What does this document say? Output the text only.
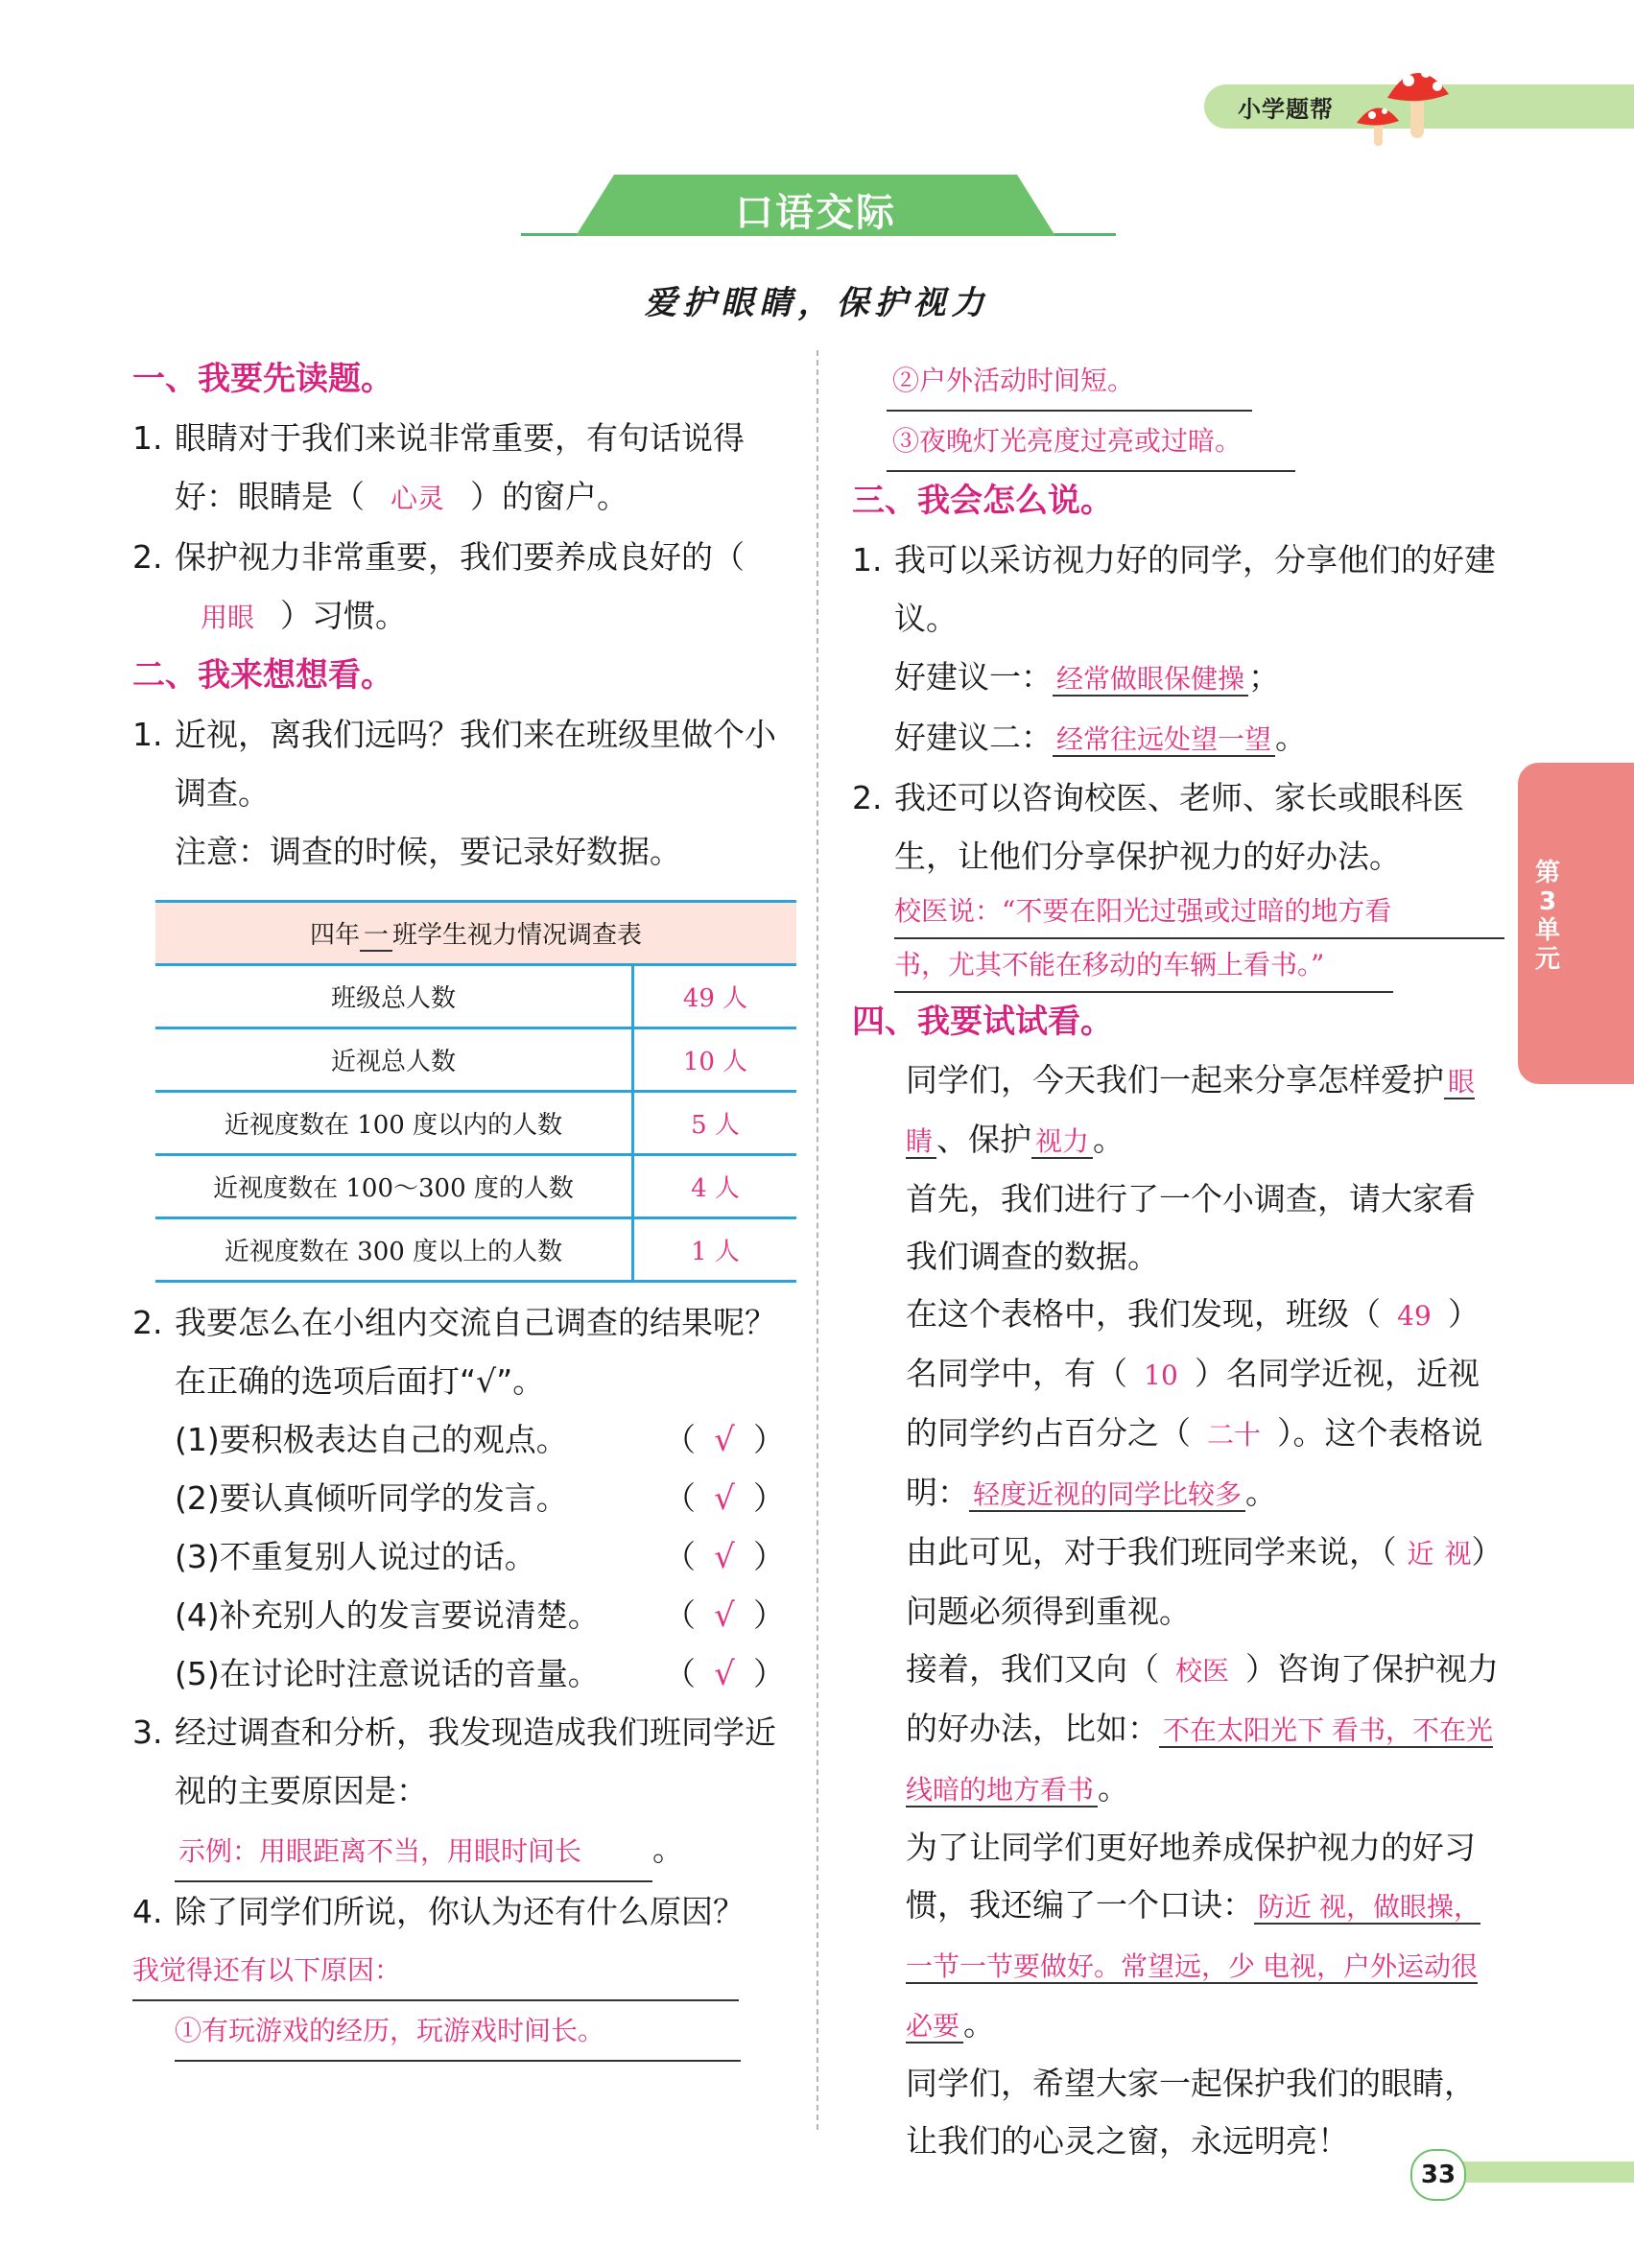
小学题帮
口语交际
爱护眼睛，保护视力
一、我要先读题。
1. 眼睛对于我们来说非常重要，有句话说得好：眼睛是（ 心灵 ）的窗户。
2. 保护视力非常重要，我们要养成良好的（用眼 ）习惯。
二、我来想想看。
1. 近视，离我们远吗？我们来在班级里做个小调查。
注意：调查的时候，要记录好数据。
四年 一 班学生视力情况调查表	
班级总人数	49 人
近视总人数	10 人
近视度数在 100 度以内的人数	5 人
近视度数在 100～300 度的人数	4 人
近视度数在 300 度以上的人数	1 人
2. 我要怎么在小组内交流自己调查的结果呢？在正确的选项后面打“√”。
(1)要积极表达自己的观点。	（ √ ）
(2)要认真倾听同学的发言。	（ √ ）
(3)不重复别人说过的话。	（ √ ）
(4)补充别人的发言要说清楚。 （ √ ）
(5)在讨论时注意说话的音量。 （ √ ）
3. 经过调查和分析，我发现造成我们班同学近视的主要原因是：
示例：用眼距离不当，用眼时间长 。
4. 除了同学们所说，你认为还有什么原因？
我觉得还有以下原因：
①有玩游戏的经历，玩游戏时间长。
②户外活动时间短。
③夜晚灯光亮度过亮或过暗。
三、我会怎么说。
1. 我可以采访视力好的同学，分享他们的好建议。
好建议一： 经常做眼保健操 ；
好建议二： 经常往远处望一望 。
2. 我还可以咨询校医、老师、家长或眼科医生，让他们分享保护视力的好办法。
校医说：“不要在阳光过强或过暗的地方看
书，尤其不能在移动的车辆上看书。”
四、我要试试看。
同学们，今天我们一起来分享怎样爱护 眼睛 、保护 视力 。
首先，我们进行了一个小调查，请大家看我们调查的数据。
在这个表格中，我们发现，班级（ 49 ）名同学中，有（ 10 ）名同学近视，近视的同学约占百分之（ 二十 ）。这个表格说明： 轻度近视的同学比较多 。
由此可见，对于我们班同学来说，（ 近 视）问题必须得到重视。
接着，我们又向（ 校医 ）咨询了保护视力的好办法，比如： 不在太阳光下 看书，不在光线暗的地方看书 。
为了让同学们更好地养成保护视力的好习惯，我还编了一个口诀： 防近 视，做眼操，一节一节要做好。常望远，少 电视，户外运动很必要 。
同学们，希望大家一起保护我们的眼睛，让我们的心灵之窗，永远明亮！
第
3
单
元
33
